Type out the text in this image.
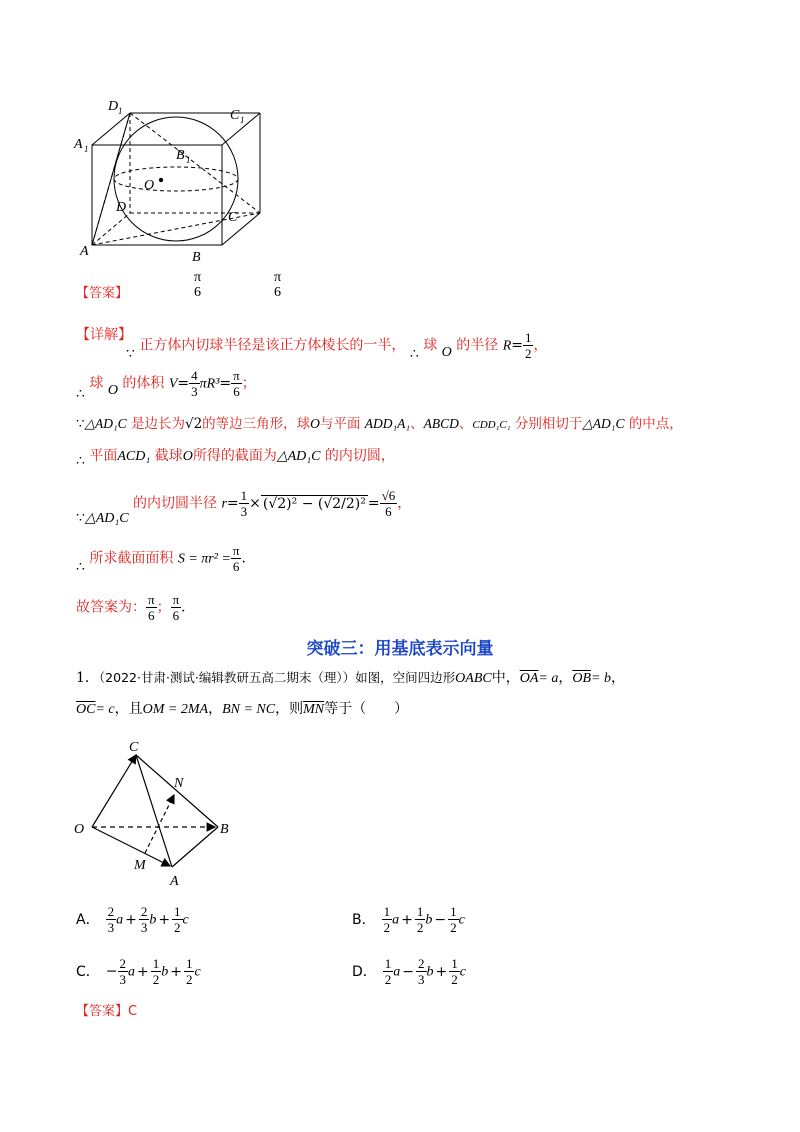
D 1	C 1
A 1	B 1
O
D
C
A	B
【答案】
π
6
π
6
【详解】
∵ 正方体内切球半径是该正方体棱长的一半， ∴ 球 O 的半径 $R= \frac{1}{2}$ ，
∴ 球 O 的体积 $V= \frac{4}{3} \pi R^3= \frac{\pi}{6}$ ；
∵△AD₁C 是边长为√2的等边三角形，球O与平面 ADD₁A₁、ABCD、CDD₁C₁ 分别相切于△AD₁C 的中点，
∴ 平面ACD₁ 截球O所得的截面为△AD₁C 的内切圆，
∵△AD₁C 的内切圆半径 $r= \frac{1}{3} \times (√2)^2 - (√2/2)^2 = \frac{√6}{6}$ ，
∴ 所求截面面积 $S = \pi r^2 = \frac{\pi}{6}$ ．
故答案为： $\frac{\pi}{6}$ ； $\frac{\pi}{6}$ ．
突破三：用基底表示向量
1．（2022·甘肃·测试·编辑教研五高二期末（理））如图，空间四边形OABC中，$\overline{OA}= a$，$\overline{OB}= b$，
$\overline{OC}= c$，且OM = 2MA，BN = NC，则$\overline{MN}$等于（　　）
C
N
O	B
M
A
A． $\frac{2}{3}$ $a + \frac{2}{3}$ $b + \frac{1}{2}$ c	B． $\frac{1}{2}$ $a + \frac{1}{2}$ $b - \frac{1}{2}$ c
C． − $\frac{2}{3}$ $a + \frac{1}{2}$ $b + \frac{1}{2}$ c	D． $\frac{1}{2}$ $a - \frac{2}{3}$ $b + \frac{1}{2}$ c
【答案】C
